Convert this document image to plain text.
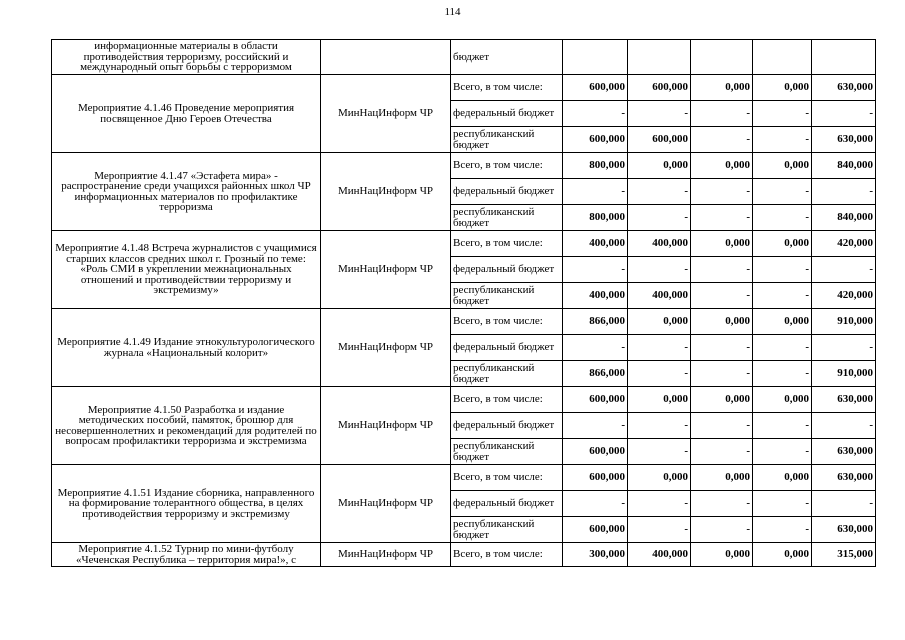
114
информационные материалы в области противодействия терроризму, российский и международный опыт борьбы с терроризмом		бюджет					
Мероприятие 4.1.46 Проведение мероприятия посвященное Дню Героев Отечества	МинНацИнформ ЧР	Всего, в том числе:	600,000	600,000	0,000	0,000	630,000
		федеральный бюджет	-	-	-	-	-
		республиканский бюджет	600,000	600,000	-	-	630,000
Мероприятие 4.1.47 «Эстафета мира» - распространение среди учащихся районных школ ЧР информационных материалов по профилактике терроризма	МинНацИнформ ЧР	Всего, в том числе:	800,000	0,000	0,000	0,000	840,000
		федеральный бюджет	-	-	-	-	-
		республиканский бюджет	800,000	-	-	-	840,000
Мероприятие 4.1.48 Встреча журналистов с учащимися старших классов средних школ г. Грозный по теме: «Роль СМИ в укреплении межнациональных отношений и противодействии терроризму и экстремизму»	МинНацИнформ ЧР	Всего, в том числе:	400,000	400,000	0,000	0,000	420,000
		федеральный бюджет	-	-	-	-	-
		республиканский бюджет	400,000	400,000	-	-	420,000
Мероприятие 4.1.49 Издание этнокультурологического журнала «Национальный колорит»	МинНацИнформ ЧР	Всего, в том числе:	866,000	0,000	0,000	0,000	910,000
		федеральный бюджет	-	-	-	-	-
		республиканский бюджет	866,000	-	-	-	910,000
Мероприятие 4.1.50 Разработка и издание методических пособий, памяток, брошюр для несовершеннолетних и рекомендаций для родителей по вопросам профилактики терроризма и экстремизма	МинНацИнформ ЧР	Всего, в том числе:	600,000	0,000	0,000	0,000	630,000
		федеральный бюджет	-	-	-	-	-
		республиканский бюджет	600,000	-	-	-	630,000
Мероприятие 4.1.51 Издание сборника, направленного на формирование толерантного общества, в целях противодействия терроризму и экстремизму	МинНацИнформ ЧР	Всего, в том числе:	600,000	0,000	0,000	0,000	630,000
		федеральный бюджет	-	-	-	-	-
		республиканский бюджет	600,000	-	-	-	630,000
Мероприятие 4.1.52 Турнир по мини-футболу «Чеченская Республика – территория мира!», с	МинНацИнформ ЧР	Всего, в том числе:	300,000	400,000	0,000	0,000	315,000
